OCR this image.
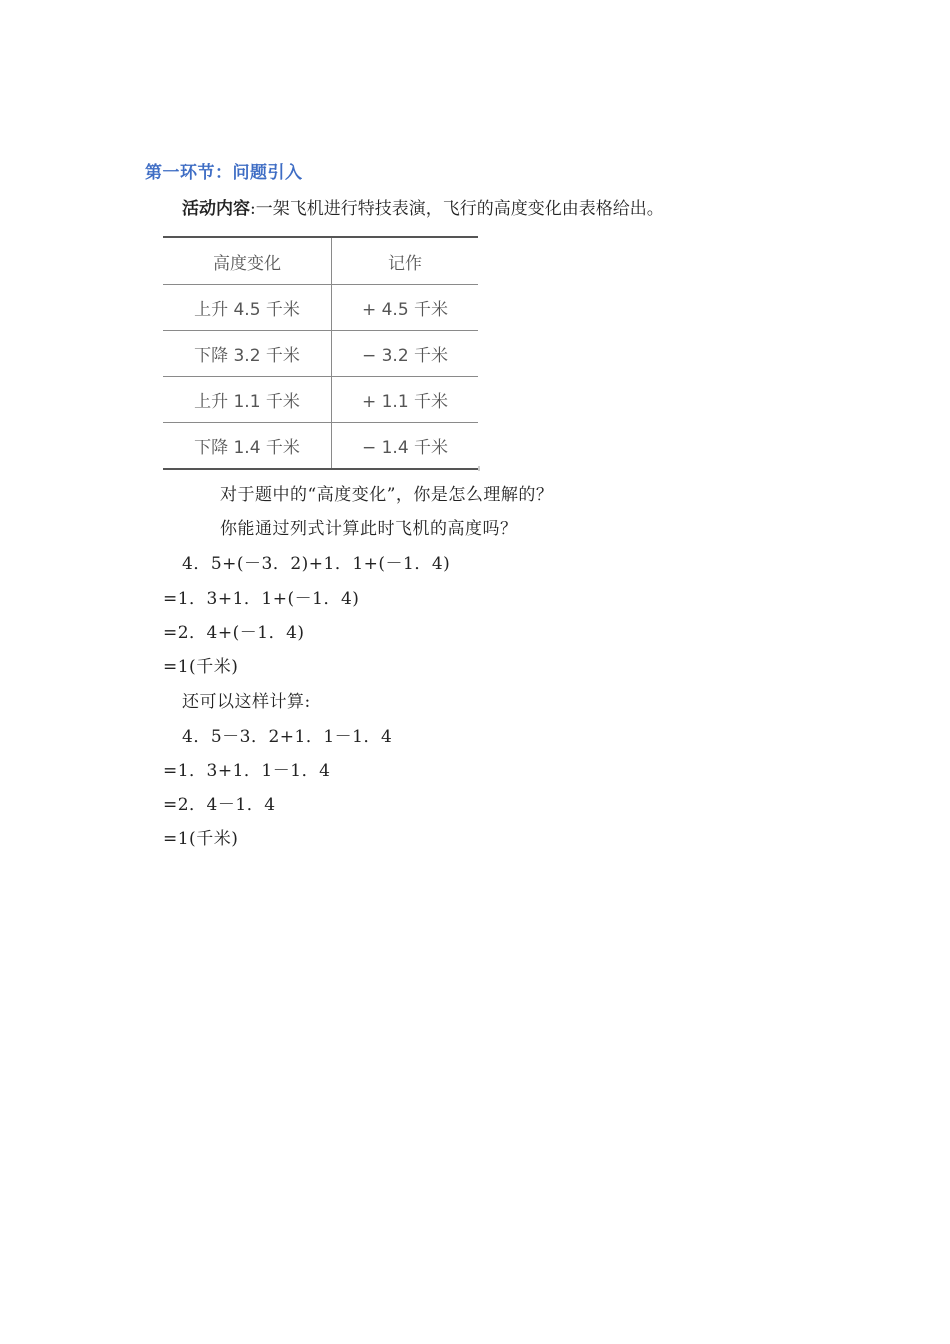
第一环节：问题引入
活动内容:一架飞机进行特技表演，飞行的高度变化由表格给出。
高度变化	记作
上升 4.5 千米	+ 4.5 千米
下降 3.2 千米	− 3.2 千米
上升 1.1 千米	+ 1.1 千米
下降 1.4 千米	− 1.4 千米
对于题中的“高度变化”，你是怎么理解的？
你能通过列式计算此时飞机的高度吗？
4．5+(－3．2)+1．1+(－1．4)
=1．3+1．1+(－1．4)
=2．4+(－1．4)
=1(千米)
还可以这样计算:
4．5－3．2+1．1－1．4
=1．3+1．1－1．4
=2．4－1．4
=1(千米)
